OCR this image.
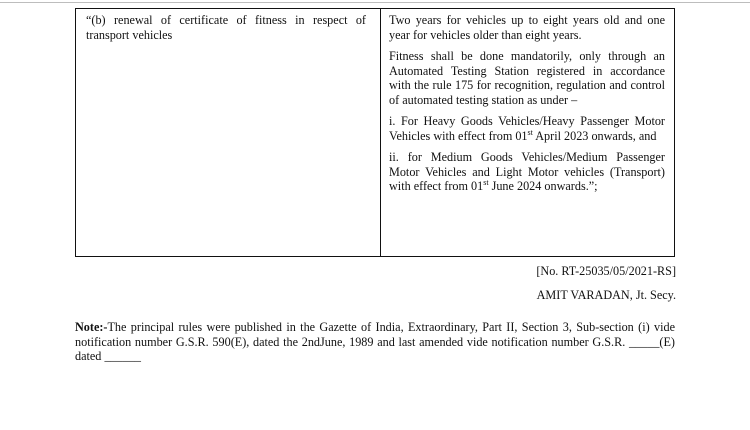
“(b) renewal of certificate of fitness in respect of transport vehicles

Two years for vehicles up to eight years old and one year for vehicles older than eight years.

Fitness shall be done mandatorily, only through an Automated Testing Station registered in accordance with the rule 175 for recognition, regulation and control of automated testing station as under –

i. For Heavy Goods Vehicles/Heavy Passenger Motor Vehicles with effect from 01st April 2023 onwards, and

ii. for Medium Goods Vehicles/Medium Passenger Motor Vehicles and Light Motor vehicles (Transport) with effect from 01st June 2024 onwards.”;

[No. RT-25035/05/2021-RS]
AMIT VARADAN, Jt. Secy.
Note:-The principal rules were published in the Gazette of India, Extraordinary, Part II, Section 3, Sub-section (i) vide notification number G.S.R. 590(E), dated the 2ndJune, 1989 and last amended vide notification number G.S.R. _____(E) dated ______
